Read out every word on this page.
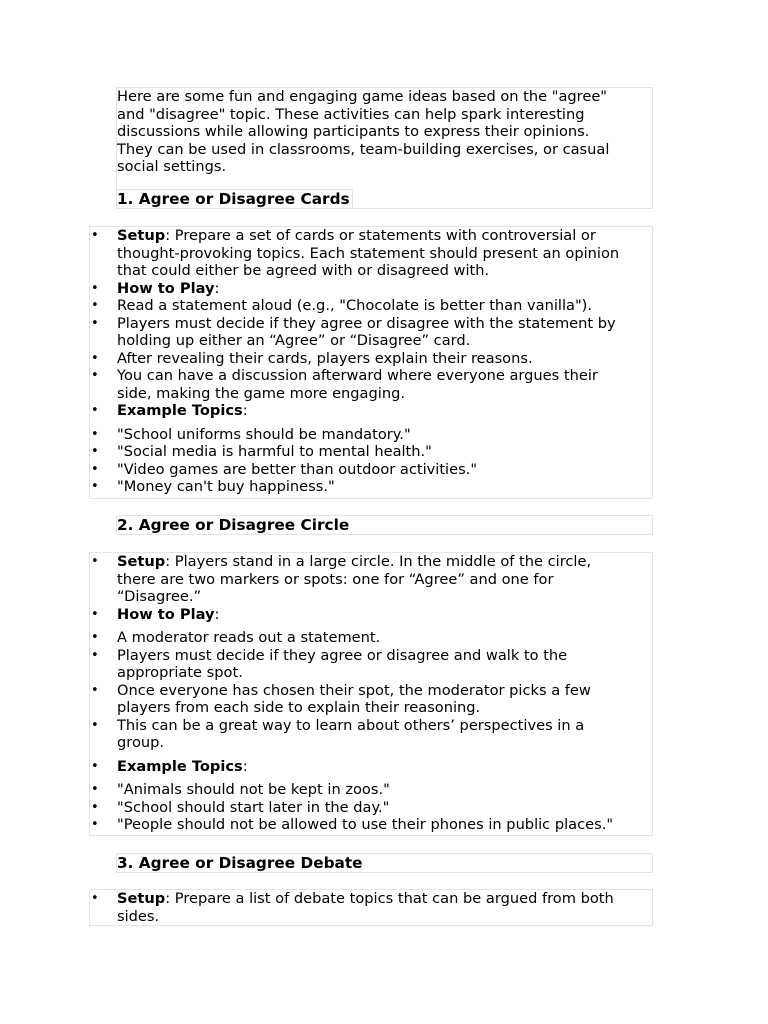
Here are some fun and engaging game ideas based on the "agree"

and "disagree" topic. These activities can help spark interesting

discussions while allowing participants to express their opinions.

They can be used in classrooms, team-building exercises, or casual

social settings.

1. Agree or Disagree Cards
• Setup: Prepare a set of cards or statements with controversial or
thought-provoking topics. Each statement should present an opinion
that could either be agreed with or disagreed with.
• How to Play:
• Read a statement aloud (e.g., "Chocolate is better than vanilla").
• Players must decide if they agree or disagree with the statement by
holding up either an “Agree” or “Disagree” card.
• After revealing their cards, players explain their reasons.
• You can have a discussion afterward where everyone argues their
side, making the game more engaging.
• Example Topics:
• "School uniforms should be mandatory."
• "Social media is harmful to mental health."
• "Video games are better than outdoor activities."
• "Money can't buy happiness."
2. Agree or Disagree Circle
• Setup: Players stand in a large circle. In the middle of the circle,
there are two markers or spots: one for “Agree” and one for
“Disagree.”
• How to Play:
• A moderator reads out a statement.
• Players must decide if they agree or disagree and walk to the
appropriate spot.
• Once everyone has chosen their spot, the moderator picks a few
players from each side to explain their reasoning.
• This can be a great way to learn about others’ perspectives in a
group.
• Example Topics:
• "Animals should not be kept in zoos."
• "School should start later in the day."
• "People should not be allowed to use their phones in public places."
3. Agree or Disagree Debate
• Setup: Prepare a list of debate topics that can be argued from both
sides.
